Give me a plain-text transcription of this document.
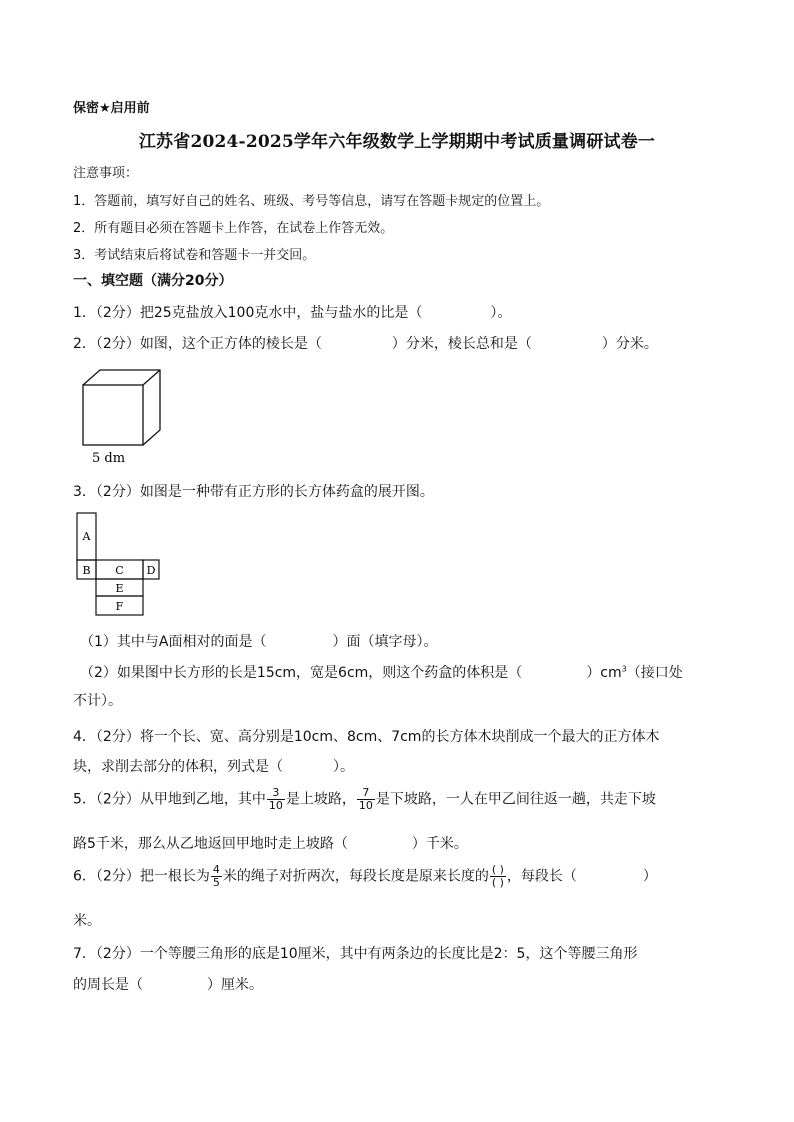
保密★启用前
江苏省2024-2025学年六年级数学上学期期中考试质量调研试卷一
注意事项：
1．答题前，填写好自己的姓名、班级、考号等信息，请写在答题卡规定的位置上。
2．所有题目必须在答题卡上作答，在试卷上作答无效。
3．考试结束后将试卷和答题卡一并交回。
一、填空题（满分20分）
1．（2分）把25克盐放入100克水中，盐与盐水的比是（	）。
2．（2分）如图，这个正方体的棱长是（	）分米，棱长总和是（	）分米。
5 dm
3．（2分）如图是一种带有正方形的长方体药盒的展开图。
A
B C D
E
F
（1）其中与A面相对的面是（	）面（填字母）。
（2）如果图中长方形的长是15cm，宽是6cm，则这个药盒的体积是（	）$cm^3$（接口处
不计）。
4．（2分）将一个长、宽、高分别是10cm、8cm、7cm的长方体木块削成一个最大的正方体木
块，求削去部分的体积，列式是（	）。
5．（2分）从甲地到乙地，其中 $\frac{3}{10}$ 是上坡路， $\frac{7}{10}$ 是下坡路，一人在甲乙间往返一趟，共走下坡
路5千米，那么从乙地返回甲地时走上坡路（	）千米。
6．（2分）把一根长为 $\frac{4}{5}$ 米的绳子对折两次，每段长度是原来长度的 $\frac{( )}{( )}$ ，每段长（	）
米。
7．（2分）一个等腰三角形的底是10厘米，其中有两条边的长度比是2：5，这个等腰三角形
的周长是（	）厘米。
